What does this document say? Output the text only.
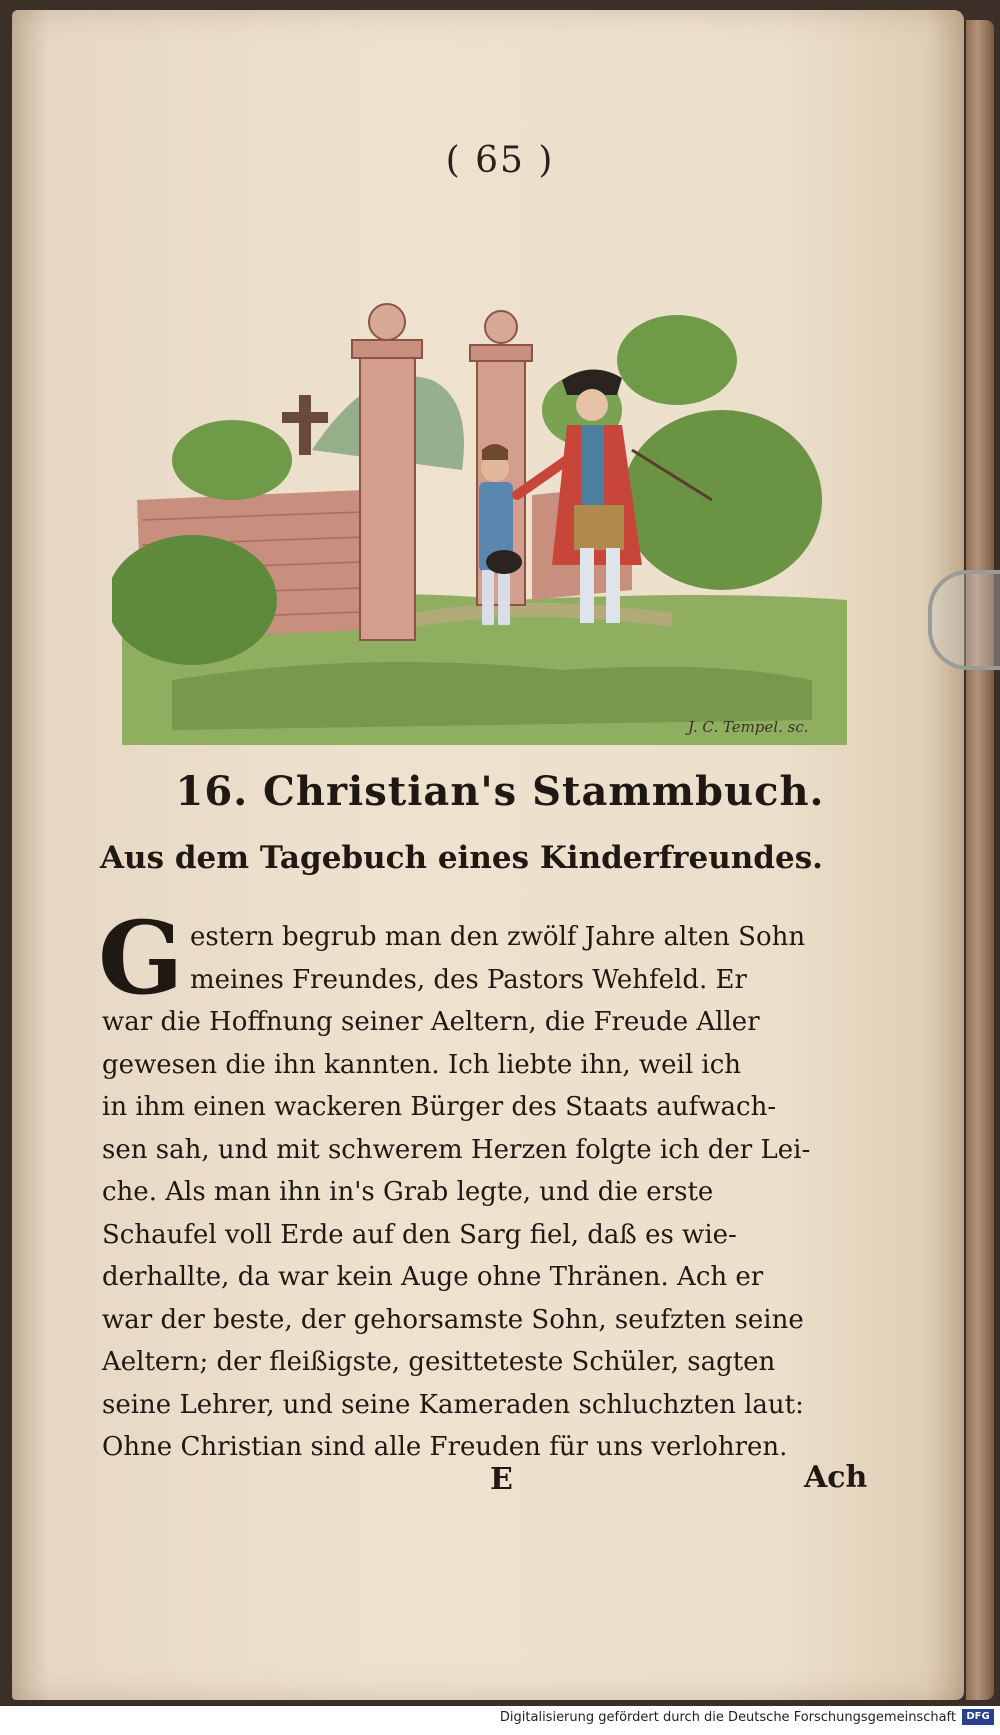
( 65 )
J. C. Tempel. sc.
16. Christian's Stammbuch.
Aus dem Tagebuch eines Kinderfreundes.
G estern begrub man den zwölf Jahre alten Sohn
meines Freundes, des Pastors Wehfeld. Er
war die Hoffnung seiner Aeltern, die Freude Aller
gewesen die ihn kannten. Ich liebte ihn, weil ich
in ihm einen wackeren Bürger des Staats aufwach-
sen sah, und mit schwerem Herzen folgte ich der Lei-
che. Als man ihn in's Grab legte, und die erste
Schaufel voll Erde auf den Sarg fiel, daß es wie-
derhallte, da war kein Auge ohne Thränen. Ach er
war der beste, der gehorsamste Sohn, seufzten seine
Aeltern; der fleißigste, gesitteteste Schüler, sagten
seine Lehrer, und seine Kameraden schluchzten laut:
Ohne Christian sind alle Freuden für uns verlohren.
E	Ach
Digitalisierung gefördert durch die Deutsche Forschungsgemeinschaft	DFG
